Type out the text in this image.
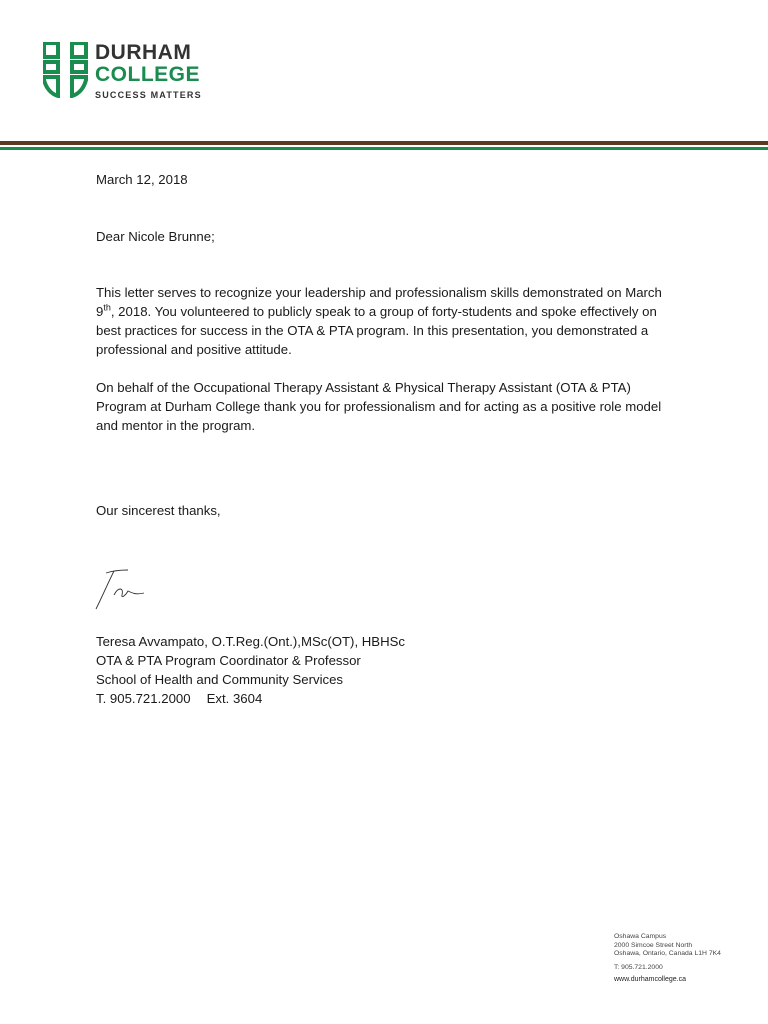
DURHAM
COLLEGE
SUCCESS MATTERS

March 12, 2018

Dear Nicole Brunne;

This letter serves to recognize your leadership and professionalism skills demonstrated on March 9th, 2018. You volunteered to publicly speak to a group of forty-students and spoke effectively on best practices for success in the OTA & PTA program. In this presentation, you demonstrated a professional and positive attitude.

On behalf of the Occupational Therapy Assistant & Physical Therapy Assistant (OTA & PTA) Program at Durham College thank you for professionalism and for acting as a positive role model and mentor in the program.

Our sincerest thanks,
Teresa Avvampato, O.T.Reg.(Ont.),MSc(OT), HBHSc
OTA & PTA Program Coordinator & Professor
School of Health and Community Services
T. 905.721.2000 Ext. 3604
Oshawa Campus
2000 Simcoe Street North
Oshawa, Ontario, Canada L1H 7K4
T: 905.721.2000
www.durhamcollege.ca
